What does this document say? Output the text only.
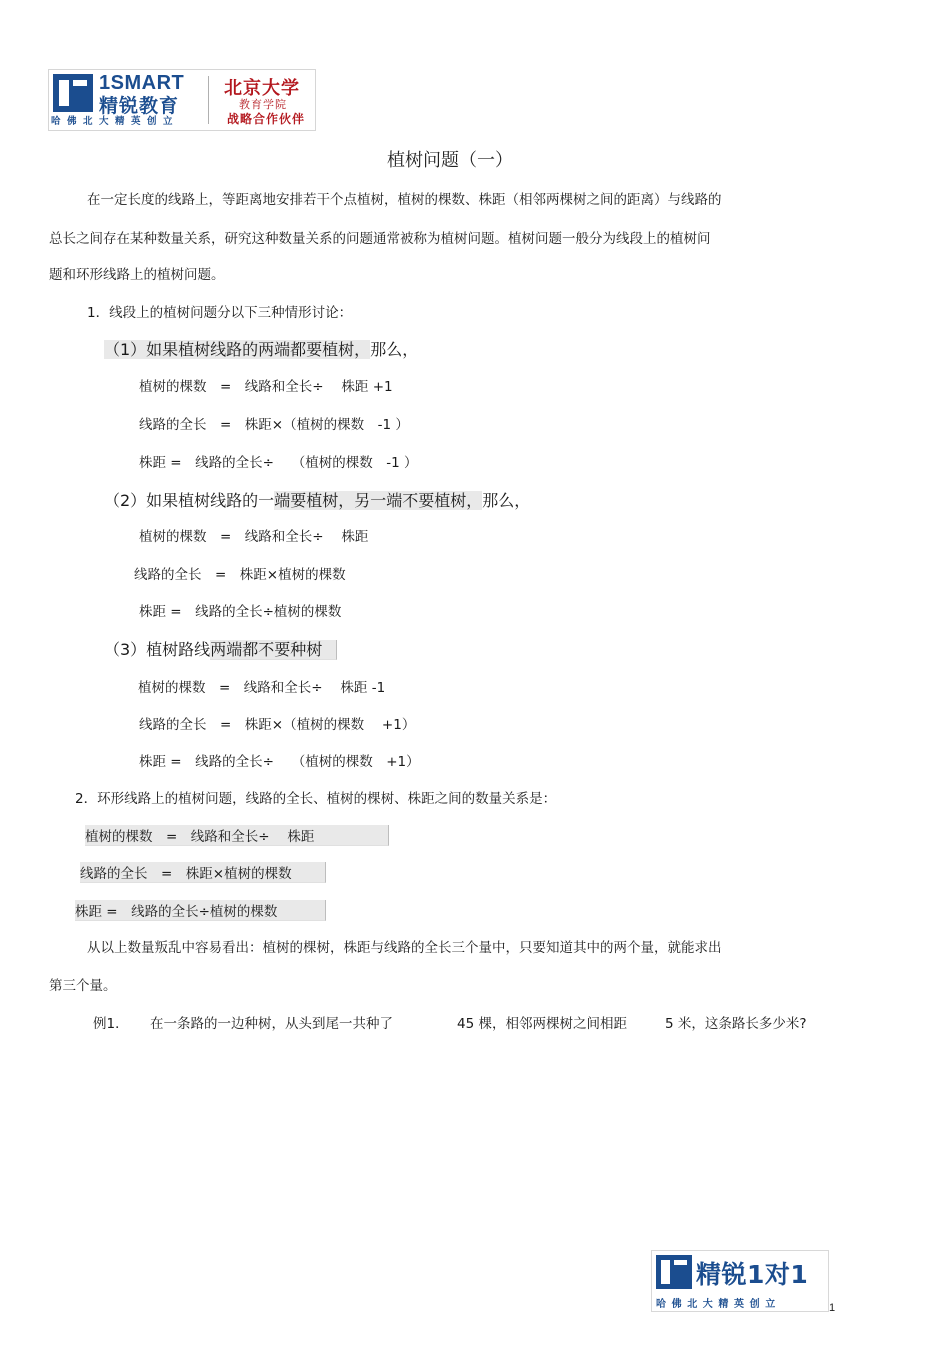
1SMART
精锐教育
哈佛北大精英创立
北京大学
教育学院
战略合作伙伴
植树问题（一）
在一定长度的线路上，等距离地安排若干个点植树，植树的棵数、株距（相邻两棵树之间的距离）与线路的
总长之间存在某种数量关系，研究这种数量关系的问题通常被称为植树问题。植树问题一般分为线段上的植树问
题和环形线路上的植树问题。
1．线段上的植树问题分以下三种情形讨论：
（1）如果植树线路的两端都要植树，那么，
植树的棵数　=　线路和全长÷　 株距 +1
线路的全长　=　株距×（植树的棵数　-1 ）
株距 =　线路的全长÷　 （植树的棵数　-1 ）
（2）如果植树线路的一端要植树，另一端不要植树，那么，
植树的棵数　=　线路和全长÷　 株距
线路的全长　=　株距×植树的棵数
株距 =　线路的全长÷植树的棵数
（3）植树路线两端都不要种树
植树的棵数　=　线路和全长÷　 株距 -1
线路的全长　=　株距×（植树的棵数　 +1）
株距 =　线路的全长÷　 （植树的棵数　+1）
2．环形线路上的植树问题，线路的全长、植树的棵树、株距之间的数量关系是：
植树的棵数　=　线路和全长÷　 株距
线路的全长　=　株距×植树的棵数
株距 =　线路的全长÷植树的棵数
从以上数量叛乱中容易看出：植树的棵树，株距与线路的全长三个量中，只要知道其中的两个量，就能求出
第三个量。
例1． 在一条路的一边种树，从头到尾一共种了	45 棵，相邻两棵树之间相距	5 米，这条路长多少米?
精锐1对1
哈佛北大精英创立	1
